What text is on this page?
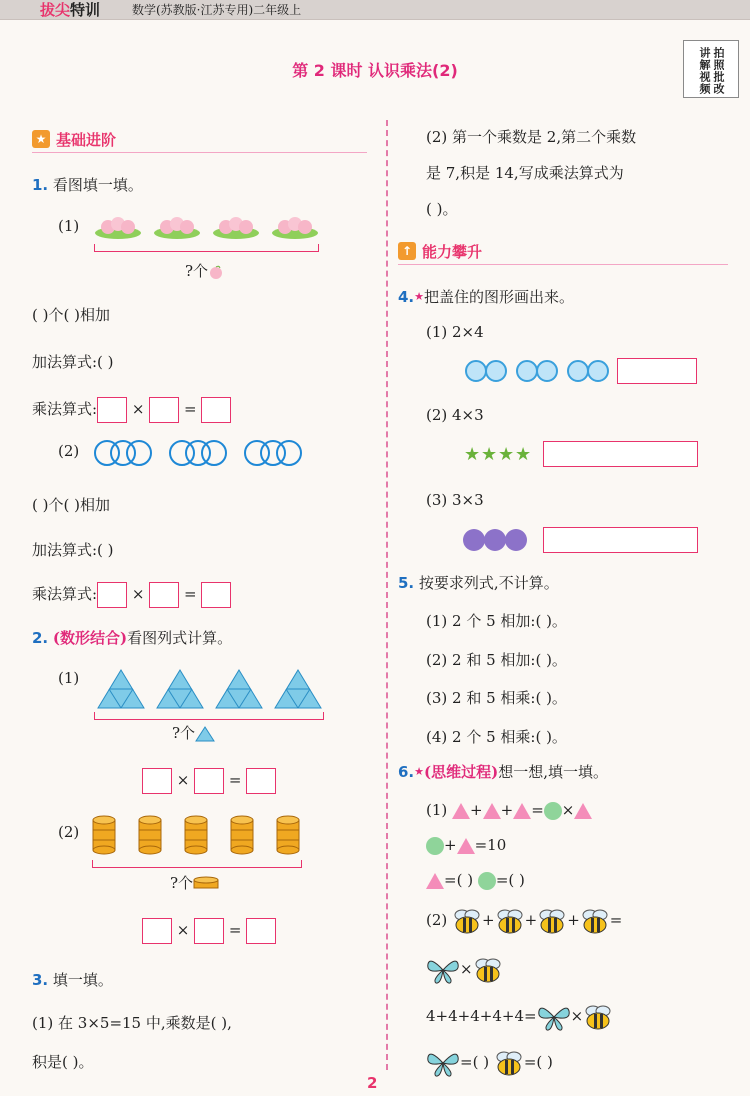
拔尖特训	数学(苏教版·江苏专用)二年级上
第 2 课时 认识乘法(2)	拍照批改
讲解视频
★ 基础进阶
1. 看图填一填。
(1)
?个
( )个( )相加
加法算式:( )
乘法算式: ×	=
(2)
( )个( )相加
加法算式:( )
乘法算式: ×	=
2. (数形结合)看图列式计算。
(1)
?个
×	=
(2)
?个
×	=
3. 填一填。
(1) 在 3×5=15 中,乘数是( ),
积是( )。
(2) 第一个乘数是 2,第二个乘数
是 7,积是 14,写成乘法算式为
( )。
↑ 能力攀升
4.★把盖住的图形画出来。
(1) 2×4
(2) 4×3
★ ★ ★ ★
(3) 3×3
5. 按要求列式,不计算。
(1) 2 个 5 相加:( )。
(2) 2 和 5 相加:( )。
(3) 2 和 5 相乘:( )。
(4) 2 个 5 相乘:( )。
6.★(思维过程)想一想,填一填。
(1) + + = ×
+ =10
=( ) =( )
(2) + + + =
×
4+4+4+4+4= ×
=( ) =( )
2
